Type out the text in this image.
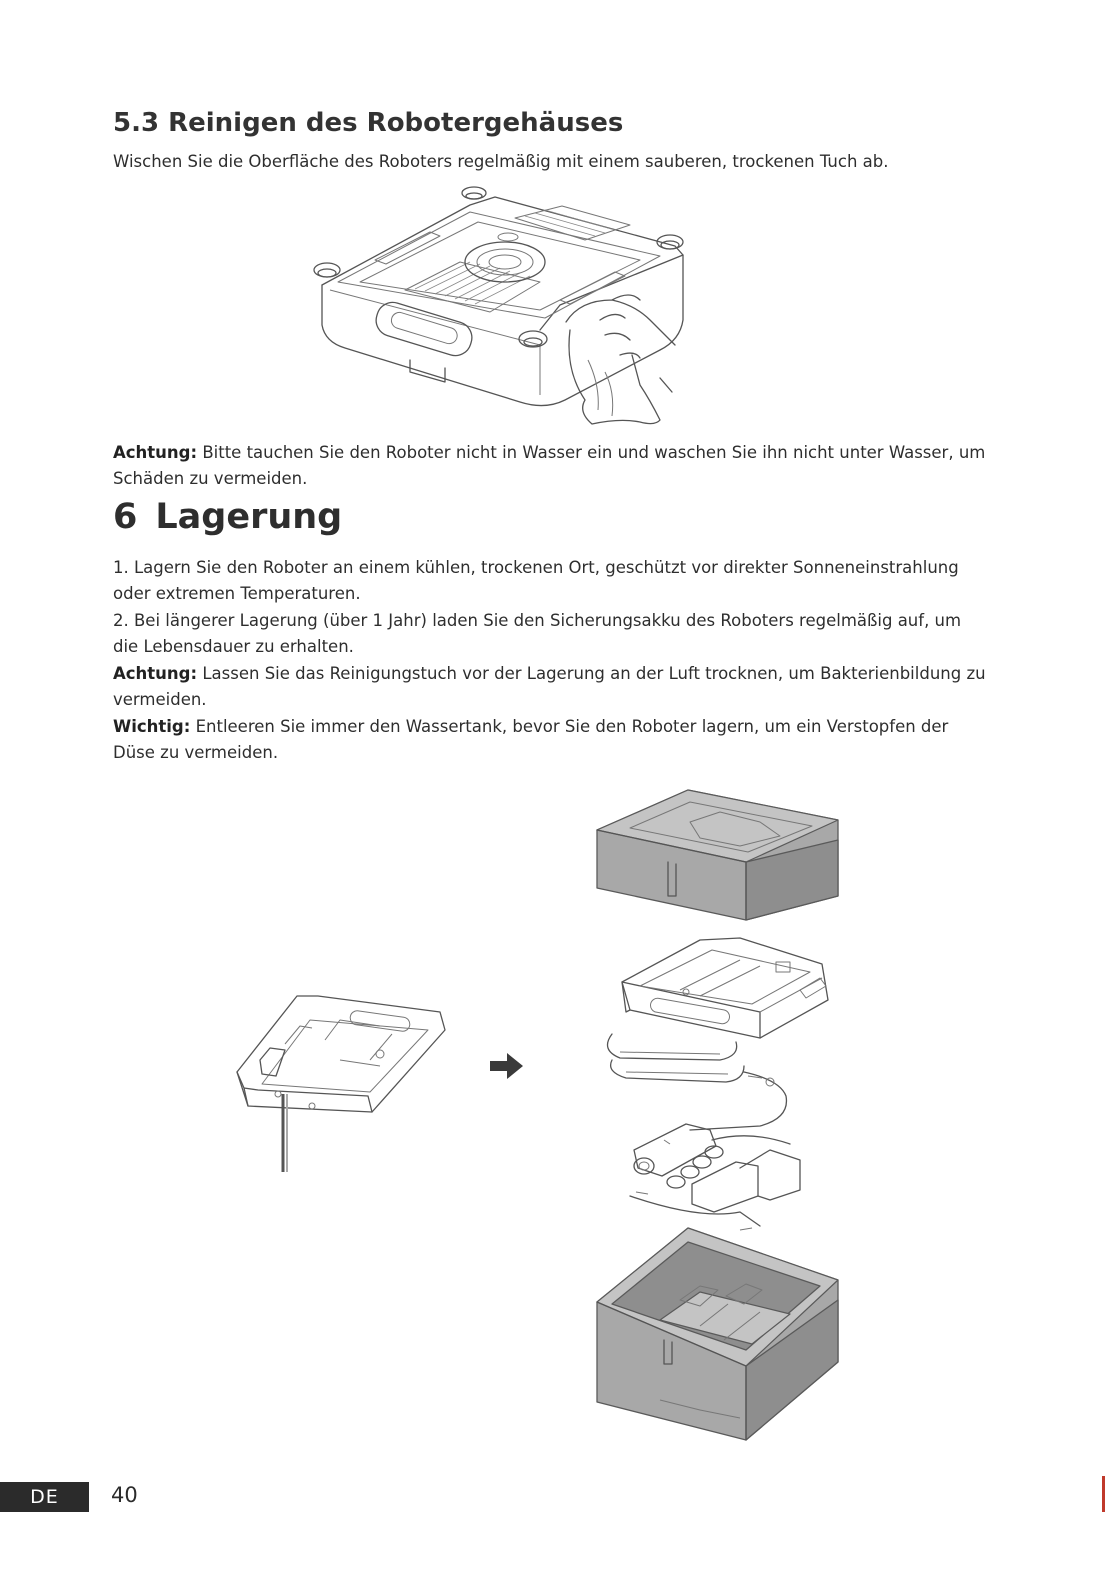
5.3 Reinigen des Robotergehäuses
Wischen Sie die Oberfläche des Roboters regelmäßig mit einem sauberen, trockenen Tuch ab.
Achtung: Bitte tauchen Sie den Roboter nicht in Wasser ein und waschen Sie ihn nicht unter Wasser, um
Schäden zu vermeiden.
6 Lagerung
1. Lagern Sie den Roboter an einem kühlen, trockenen Ort, geschützt vor direkter Sonneneinstrahlung
oder extremen Temperaturen.
2. Bei längerer Lagerung (über 1 Jahr) laden Sie den Sicherungsakku des Roboters regelmäßig auf, um
die Lebensdauer zu erhalten.
Achtung: Lassen Sie das Reinigungstuch vor der Lagerung an der Luft trocknen, um Bakterienbildung zu
vermeiden.
Wichtig: Entleeren Sie immer den Wassertank, bevor Sie den Roboter lagern, um ein Verstopfen der
Düse zu vermeiden.
DE	40
